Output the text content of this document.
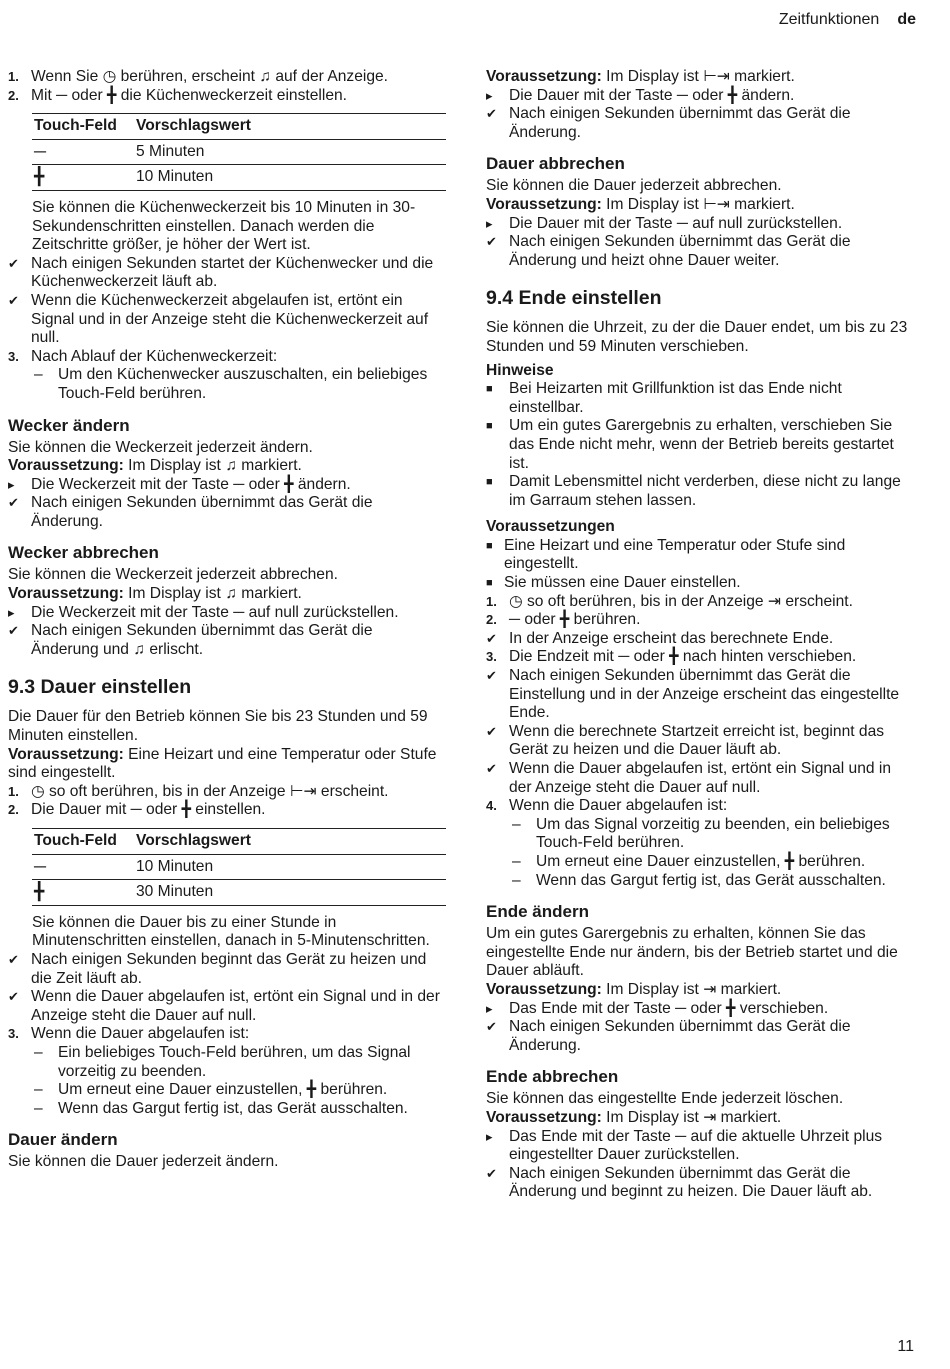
Zeitfunktionen de
1. Wenn Sie ◷ berühren, erscheint ♫ auf der Anzeige.
2. Mit ─ oder ╋ die Küchenweckerzeit einstellen.
Touch-Feld	Vorschlagswert
─	5 Minuten
╋	10 Minuten
Sie können die Küchenweckerzeit bis 10 Minuten in 30-Sekundenschritten einstellen. Danach werden die Zeitschritte größer, je höher der Wert ist.
✔ Nach einigen Sekunden startet der Küchenwecker und die Küchenweckerzeit läuft ab.
✔ Wenn die Küchenweckerzeit abgelaufen ist, ertönt ein Signal und in der Anzeige steht die Küchenweckerzeit auf null.
3. Nach Ablauf der Küchenweckerzeit:
– Um den Küchenwecker auszuschalten, ein beliebiges Touch-Feld berühren.
Wecker ändern
Sie können die Weckerzeit jederzeit ändern.
Voraussetzung: Im Display ist ♫ markiert.
▸	Die Weckerzeit mit der Taste ─ oder ╋ ändern.
✔ Nach einigen Sekunden übernimmt das Gerät die Änderung.
Wecker abbrechen
Sie können die Weckerzeit jederzeit abbrechen.
Voraussetzung: Im Display ist ♫ markiert.
▸	Die Weckerzeit mit der Taste ─ auf null zurückstellen.
✔ Nach einigen Sekunden übernimmt das Gerät die Änderung und ♫ erlischt.
9.3 Dauer einstellen
Die Dauer für den Betrieb können Sie bis 23 Stunden und 59 Minuten einstellen.
Voraussetzung: Eine Heizart und eine Temperatur oder Stufe sind eingestellt.
1. ◷ so oft berühren, bis in der Anzeige ⊢⇥ erscheint.
2. Die Dauer mit ─ oder ╋ einstellen.
Touch-Feld	Vorschlagswert
─	10 Minuten
╋	30 Minuten
Sie können die Dauer bis zu einer Stunde in Minutenschritten einstellen, danach in 5-Minutenschritten.
✔ Nach einigen Sekunden beginnt das Gerät zu heizen und die Zeit läuft ab.
✔ Wenn die Dauer abgelaufen ist, ertönt ein Signal und in der Anzeige steht die Dauer auf null.
3. Wenn die Dauer abgelaufen ist:
– Ein beliebiges Touch-Feld berühren, um das Signal vorzeitig zu beenden.
– Um erneut eine Dauer einzustellen, ╋ berühren.
– Wenn das Gargut fertig ist, das Gerät ausschalten.
Dauer ändern
Sie können die Dauer jederzeit ändern.
Voraussetzung: Im Display ist ⊢⇥ markiert.
▸	Die Dauer mit der Taste ─ oder ╋ ändern.
✔ Nach einigen Sekunden übernimmt das Gerät die Änderung.
Dauer abbrechen
Sie können die Dauer jederzeit abbrechen.
Voraussetzung: Im Display ist ⊢⇥ markiert.
▸	Die Dauer mit der Taste ─ auf null zurückstellen.
✔ Nach einigen Sekunden übernimmt das Gerät die Änderung und heizt ohne Dauer weiter.
9.4 Ende einstellen
Sie können die Uhrzeit, zu der die Dauer endet, um bis zu 23 Stunden und 59 Minuten verschieben.
Hinweise
■	Bei Heizarten mit Grillfunktion ist das Ende nicht einstellbar.
■	Um ein gutes Garergebnis zu erhalten, verschieben Sie das Ende nicht mehr, wenn der Betrieb bereits gestartet ist.
■	Damit Lebensmittel nicht verderben, diese nicht zu lange im Garraum stehen lassen.
Voraussetzungen
■ Eine Heizart und eine Temperatur oder Stufe sind eingestellt.
■ Sie müssen eine Dauer einstellen.
1. ◷ so oft berühren, bis in der Anzeige ⇥ erscheint.
2. ─ oder ╋ berühren.
✔ In der Anzeige erscheint das berechnete Ende.
3. Die Endzeit mit ─ oder ╋ nach hinten verschieben.
✔ Nach einigen Sekunden übernimmt das Gerät die Einstellung und in der Anzeige erscheint das eingestellte Ende.
✔ Wenn die berechnete Startzeit erreicht ist, beginnt das Gerät zu heizen und die Dauer läuft ab.
✔ Wenn die Dauer abgelaufen ist, ertönt ein Signal und in der Anzeige steht die Dauer auf null.
4. Wenn die Dauer abgelaufen ist:
– Um das Signal vorzeitig zu beenden, ein beliebiges Touch-Feld berühren.
– Um erneut eine Dauer einzustellen, ╋ berühren.
– Wenn das Gargut fertig ist, das Gerät ausschalten.
Ende ändern
Um ein gutes Garergebnis zu erhalten, können Sie das eingestellte Ende nur ändern, bis der Betrieb startet und die Dauer abläuft.
Voraussetzung: Im Display ist ⇥ markiert.
▸	Das Ende mit der Taste ─ oder ╋ verschieben.
✔ Nach einigen Sekunden übernimmt das Gerät die Änderung.
Ende abbrechen
Sie können das eingestellte Ende jederzeit löschen.
Voraussetzung: Im Display ist ⇥ markiert.
▸	Das Ende mit der Taste ─ auf die aktuelle Uhrzeit plus eingestellter Dauer zurückstellen.
✔ Nach einigen Sekunden übernimmt das Gerät die Änderung und beginnt zu heizen. Die Dauer läuft ab.
11
